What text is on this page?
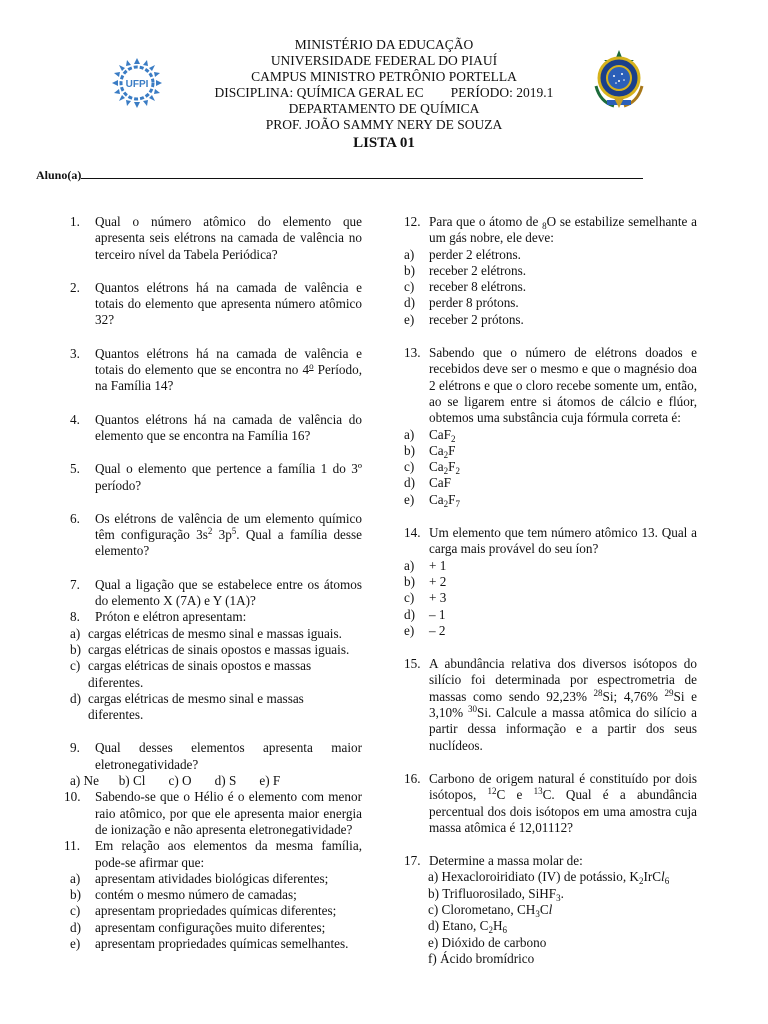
UFPI
MINISTÉRIO DA EDUCAÇÃO
UNIVERSIDADE FEDERAL DO PIAUÍ
CAMPUS MINISTRO PETRÔNIO PORTELLA
DISCIPLINA: QUÍMICA GERAL EC        PERÍODO: 2019.1
DEPARTAMENTO DE QUÍMICA
PROF. JOÃO SAMMY NERY DE SOUZA
LISTA 01
Aluno(a)
1. Qual o número atômico do elemento que apresenta seis elétrons na camada de valência no terceiro nível da Tabela Periódica?
2. Quantos elétrons há na camada de valência e totais do elemento que apresenta número atômico 32?
3. Quantos elétrons há na camada de valência e totais do elemento que se encontra no 4$^o$ Período, na Família 14?
4. Quantos elétrons há na camada de valência do elemento que se encontra na Família 16?
5. Qual o elemento que pertence a família 1 do 3º período?
6. Os elétrons de valência de um elemento químico têm configuração $3s^2$ $3p^5$. Qual a família desse elemento?
7. Qual a ligação que se estabelece entre os átomos do elemento X (7A) e Y (1A)?
8. Próton e elétron apresentam:
a) cargas elétricas de mesmo sinal e massas iguais.
b) cargas elétricas de sinais opostos e massas iguais.
c) cargas elétricas de sinais opostos e massas diferentes.
d) cargas elétricas de mesmo sinal e massas diferentes.
9. Qual desses elementos apresenta maior eletronegatividade?
a) Ne      b) Cl       c) O       d) S       e) F
10. Sabendo-se que o Hélio é o elemento com menor raio atômico, por que ele apresenta maior energia de ionização e não apresenta eletronegatividade?
11. Em relação aos elementos da mesma família, pode-se afirmar que:
a) apresentam atividades biológicas diferentes;
b) contém o mesmo número de camadas;
c) apresentam propriedades químicas diferentes;
d) apresentam configurações muito diferentes;
e) apresentam propriedades químicas semelhantes.
12. Para que o átomo de $_8$O se estabilize semelhante a um gás nobre, ele deve:
a) perder 2 elétrons.
b) receber 2 elétrons.
c) receber 8 elétrons.
d) perder 8 prótons.
e) receber 2 prótons.
13. Sabendo que o número de elétrons doados e recebidos deve ser o mesmo e que o magnésio doa 2 elétrons e que o cloro recebe somente um, então, ao se ligarem entre si átomos de cálcio e flúor, obtemos uma substância cuja fórmula correta é:
a) CaF$_2$
b) $Ca_2F$
c) $Ca_2F_2$
d) CaF
e) $Ca_2F_7$
14. Um elemento que tem número atômico 13. Qual a carga mais provável do seu íon?
a) + 1
b) + 2
c) + 3
d) – 1
e) – 2
15. A abundância relativa dos diversos isótopos do silício foi determinada por espectrometria de massas como sendo 92,23% $^{28}$Si; 4,76% $^{29}$Si e 3,10% $^{30}$Si. Calcule a massa atômica do silício a partir dessa informação e a partir dos seus nuclídeos.
16. Carbono de origem natural é constituído por dois isótopos, $^{12}$C e $^{13}$C. Qual é a abundância percentual dos dois isótopos em uma amostra cuja massa atômica é 12,01112?
17. Determine a massa molar de:
a) Hexacloroiridiato (IV) de potássio, $K_2IrCl_6$
b) Trifluorosilado, SiHF$_3$.
c) Clorometano, $CH_3Cl$
d) Etano, $C_2H_6$
e) Dióxido de carbono
f) Ácido bromídrico
